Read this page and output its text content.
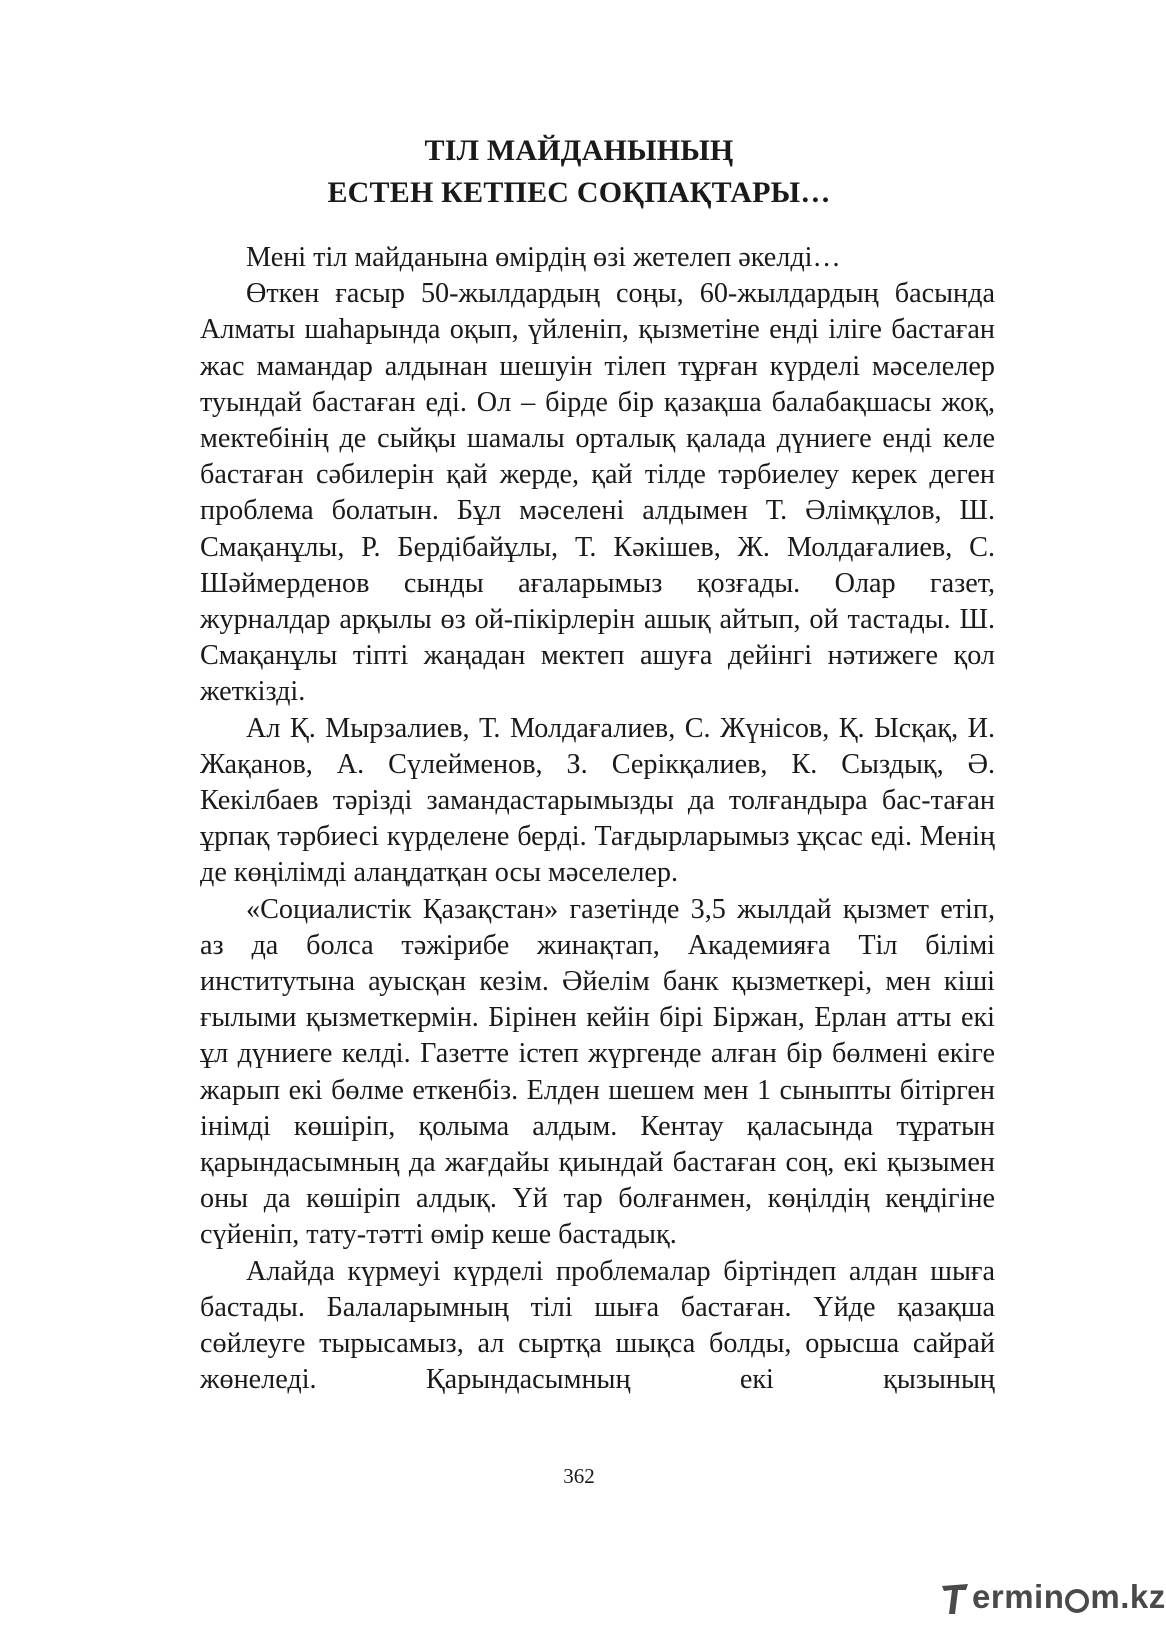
ТІЛ МАЙДАНЫНЫҢ
ЕСТЕН КЕТПЕС СОҚПАҚТАРЫ…

Мені тіл майданына өмірдің өзі жетелеп әкелді…

Өткен ғасыр 50-жылдардың соңы, 60-жылдардың басында Алматы шаһарында оқып, үйленіп, қызметіне енді іліге бастаған жас мамандар алдынан шешуін тілеп тұрған күрделі мәселелер туындай бастаған еді. Ол – бірде бір қазақша балабақшасы жоқ, мектебінің де сыйқы шамалы орталық қалада дүниеге енді келе бастаған сәбилерін қай жерде, қай тілде тәрбиелеу керек деген проблема болатын. Бұл мәселені алдымен Т. Әлімқұлов, Ш. Смақанұлы, Р. Бердібайұлы, Т. Кәкішев, Ж. Молдағалиев, С. Шәймерденов сынды ағаларымыз қозғады. Олар газет, журналдар арқылы өз ой-пікірлерін ашық айтып, ой тастады. Ш. Смақанұлы тіпті жаңадан мектеп ашуға дейінгі нәтижеге қол жеткізді.

Ал Қ. Мырзалиев, Т. Молдағалиев, С. Жүнісов, Қ. Ысқақ, И. Жақанов, А. Сүлейменов, З. Серікқалиев, К. Сыздық, Ә. Кекілбаев тәрізді замандастарымызды да толғандыра бас-таған ұрпақ тәрбиесі күрделене берді. Тағдырларымыз ұқсас еді. Менің де көңілімді алаңдатқан осы мәселелер.

«Социалистік Қазақстан» газетінде 3,5 жылдай қызмет етіп, аз да болса тәжірибе жинақтап, Академияға Тіл білімі институтына ауысқан кезім. Әйелім банк қызметкері, мен кіші ғылыми қызметкермін. Бірінен кейін бірі Біржан, Ерлан атты екі ұл дүниеге келді. Газетте істеп жүргенде алған бір бөлмені екіге жарып екі бөлме еткенбіз. Елден шешем мен 1 сыныпты бітірген інімді көшіріп, қолыма алдым. Кентау қаласында тұратын қарындасымның да жағдайы қиындай бастаған соң, екі қызымен оны да көшіріп алдық. Үй тар болғанмен, көңілдің кеңдігіне сүйеніп, тату-тәтті өмір кеше бастадық.

Алайда күрмеуі күрделі проблемалар біртіндеп алдан шыға бастады. Балаларымның тілі шыға бастаған. Үйде қазақша сөйлеуге тырысамыз, ал сыртқа шықса болды, орысша сайрай жөнеледі. Қарындасымның екі қызының

362
ermin m.kz
